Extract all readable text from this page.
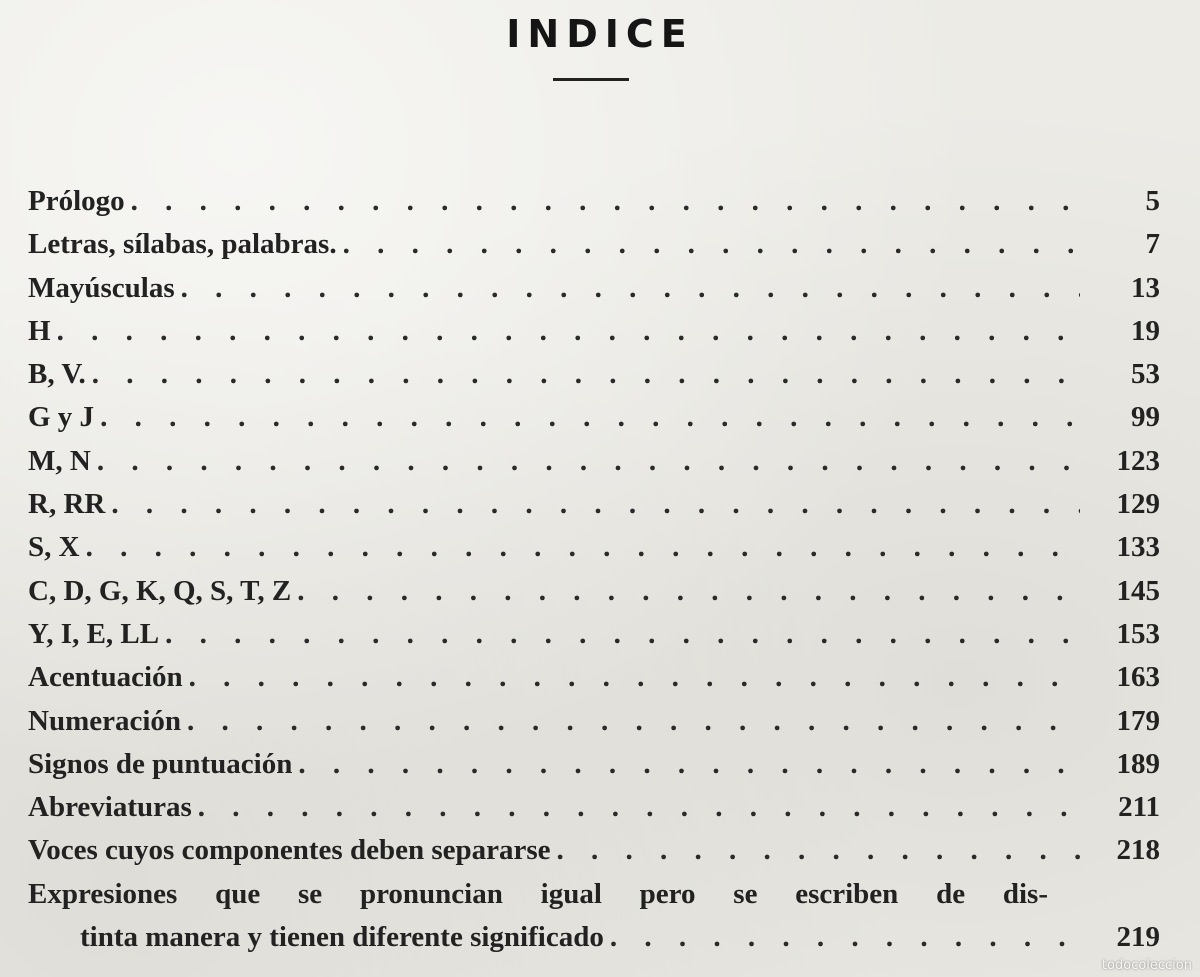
INDICE
Prólogo . . .	5
Letras, sílabas, palabras. . . .	7
Mayúsculas . . .	13
H . . .	19
B, V. . . .	53
G y J . . .	99
M, N . . .	123
R, RR . . .	129
S, X . . .	133
C, D, G, K, Q, S, T, Z . . .	145
Y, I, E, LL . . .	153
Acentuación . . .	163
Numeración . . .	179
Signos de puntuación . . .	189
Abreviaturas . . .	211
Voces cuyos componentes deben separarse . . .	218
Expresiones que se pronuncian igual pero se escriben de dis-
tinta manera y tienen diferente significado . . .	219
todocoleccion
